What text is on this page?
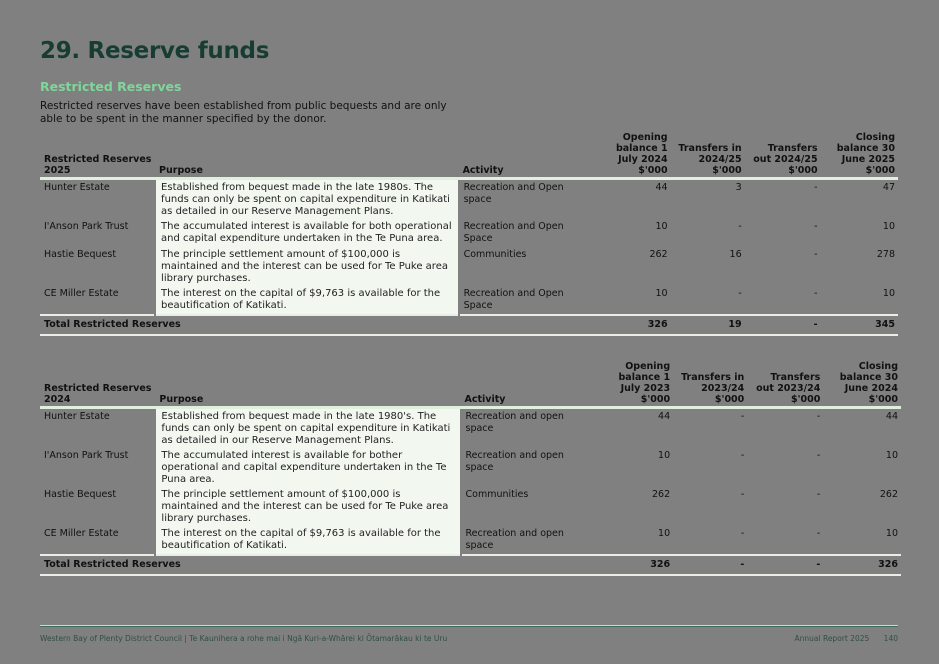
29. Reserve funds
Restricted Reserves
Restricted reserves have been established from public bequests and are only able to be spent in the manner specified by the donor.
Restricted Reserves 2025	Purpose	Activity	Opening balance 1 July 2024 $'000	Transfers in 2024/25 $'000	Transfers out 2024/25 $'000	Closing balance 30 June 2025 $'000
Hunter Estate	Established from bequest made in the late 1980s. The funds can only be spent on capital expenditure in Katikati as detailed in our Reserve Management Plans.	Recreation and Open space	44	3	-	47
I'Anson Park Trust	The accumulated interest is available for both operational and capital expenditure undertaken in the Te Puna area.	Recreation and Open Space	10	-	-	10
Hastie Bequest	The principle settlement amount of $100,000 is maintained and the interest can be used for Te Puke area library purchases.	Communities	262	16	-	278
CE Miller Estate	The interest on the capital of $9,763 is available for the beautification of Katikati.	Recreation and Open Space	10	-	-	10
Total Restricted Reserves			326	19	-	345
Restricted Reserves 2024	Purpose	Activity	Opening balance 1 July 2023 $'000	Transfers in 2023/24 $'000	Transfers out 2023/24 $'000	Closing balance 30 June 2024 $'000
Hunter Estate	Established from bequest made in the late 1980's. The funds can only be spent on capital expenditure in Katikati as detailed in our Reserve Management Plans.	Recreation and open space	44	-	-	44
I'Anson Park Trust	The accumulated interest is available for bother operational and capital expenditure undertaken in the Te Puna area.	Recreation and open space	10	-	-	10
Hastie Bequest	The principle settlement amount of $100,000 is maintained and the interest can be used for Te Puke area library purchases.	Communities	262	-	-	262
CE Miller Estate	The interest on the capital of $9,763 is available for the beautification of Katikati.	Recreation and open space	10	-	-	10
Total Restricted Reserves			326	-	-	326
Western Bay of Plenty District Council | Te Kaunihera a rohe mai i Ngā Kuri-a-Whārei ki Ōtamarākau ki te Uru	Annual Report 2025 140
